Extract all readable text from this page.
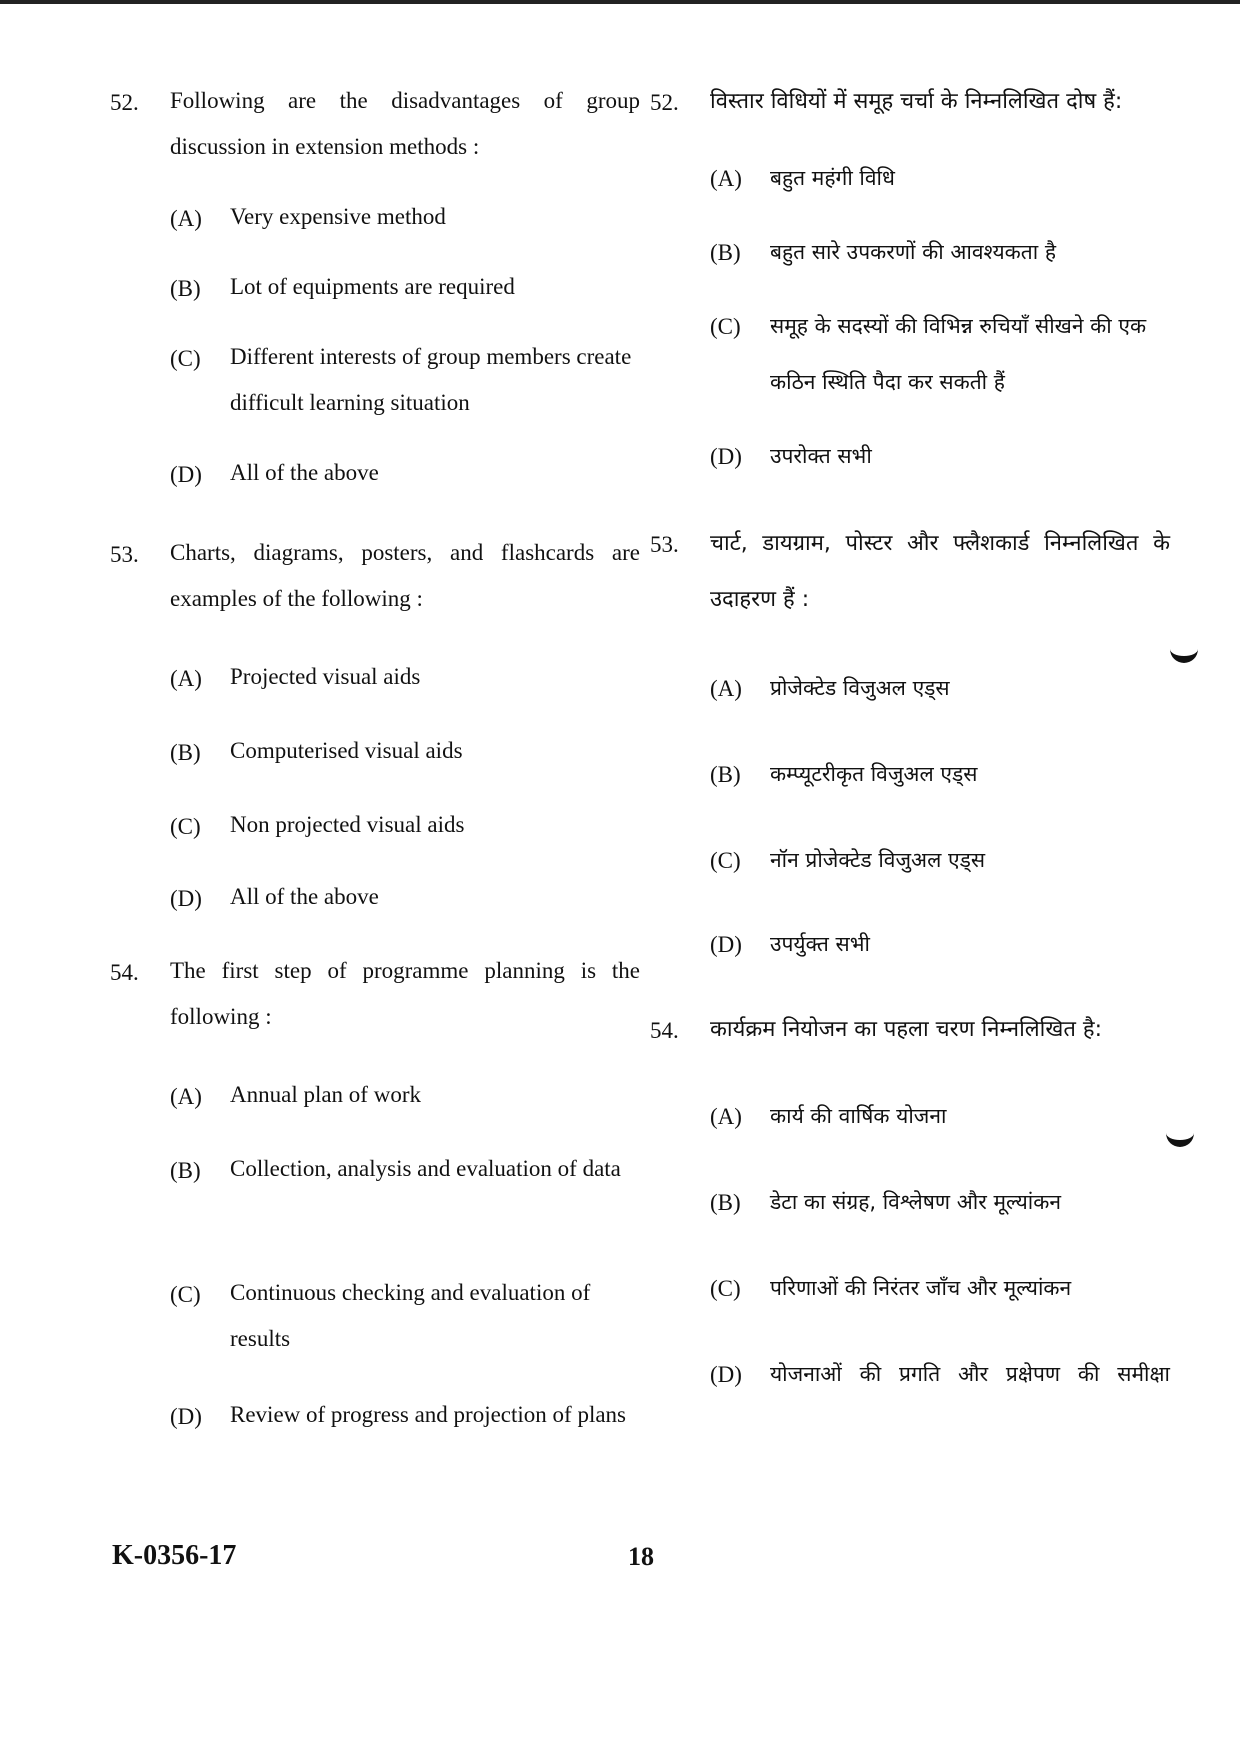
52. Following are the disadvantages of group discussion in extension methods :
(A) Very expensive method
(B) Lot of equipments are required
(C) Different interests of group members create difficult learning situation
(D) All of the above
53. Charts, diagrams, posters, and flashcards are examples of the following :
(A) Projected visual aids
(B) Computerised visual aids
(C) Non projected visual aids
(D) All of the above
54. The first step of programme planning is the following :
(A) Annual plan of work
(B) Collection, analysis and evaluation of data
(C) Continuous checking and evaluation of results
(D) Review of progress and projection of plans
52. विस्तार विधियों में समूह चर्चा के निम्नलिखित दोष हैं:
(A) बहुत महंगी विधि
(B) बहुत सारे उपकरणों की आवश्यकता है
(C) समूह के सदस्यों की विभिन्न रुचियाँ सीखने की एक कठिन स्थिति पैदा कर सकती हैं
(D) उपरोक्त सभी
53. चार्ट, डायग्राम, पोस्टर और फ्लैशकार्ड निम्नलिखित के उदाहरण हैं :
(A) प्रोजेक्टेड विजुअल एड्स
(B) कम्प्यूटरीकृत विजुअल एड्स
(C) नॉन प्रोजेक्टेड विजुअल एड्स
(D) उपर्युक्त सभी
54. कार्यक्रम नियोजन का पहला चरण निम्नलिखित है:
(A) कार्य की वार्षिक योजना
(B) डेटा का संग्रह, विश्लेषण और मूल्यांकन
(C) परिणाओं की निरंतर जाँच और मूल्यांकन
(D) योजनाओं की प्रगति और प्रक्षेपण की समीक्षा
K-0356-17	18
